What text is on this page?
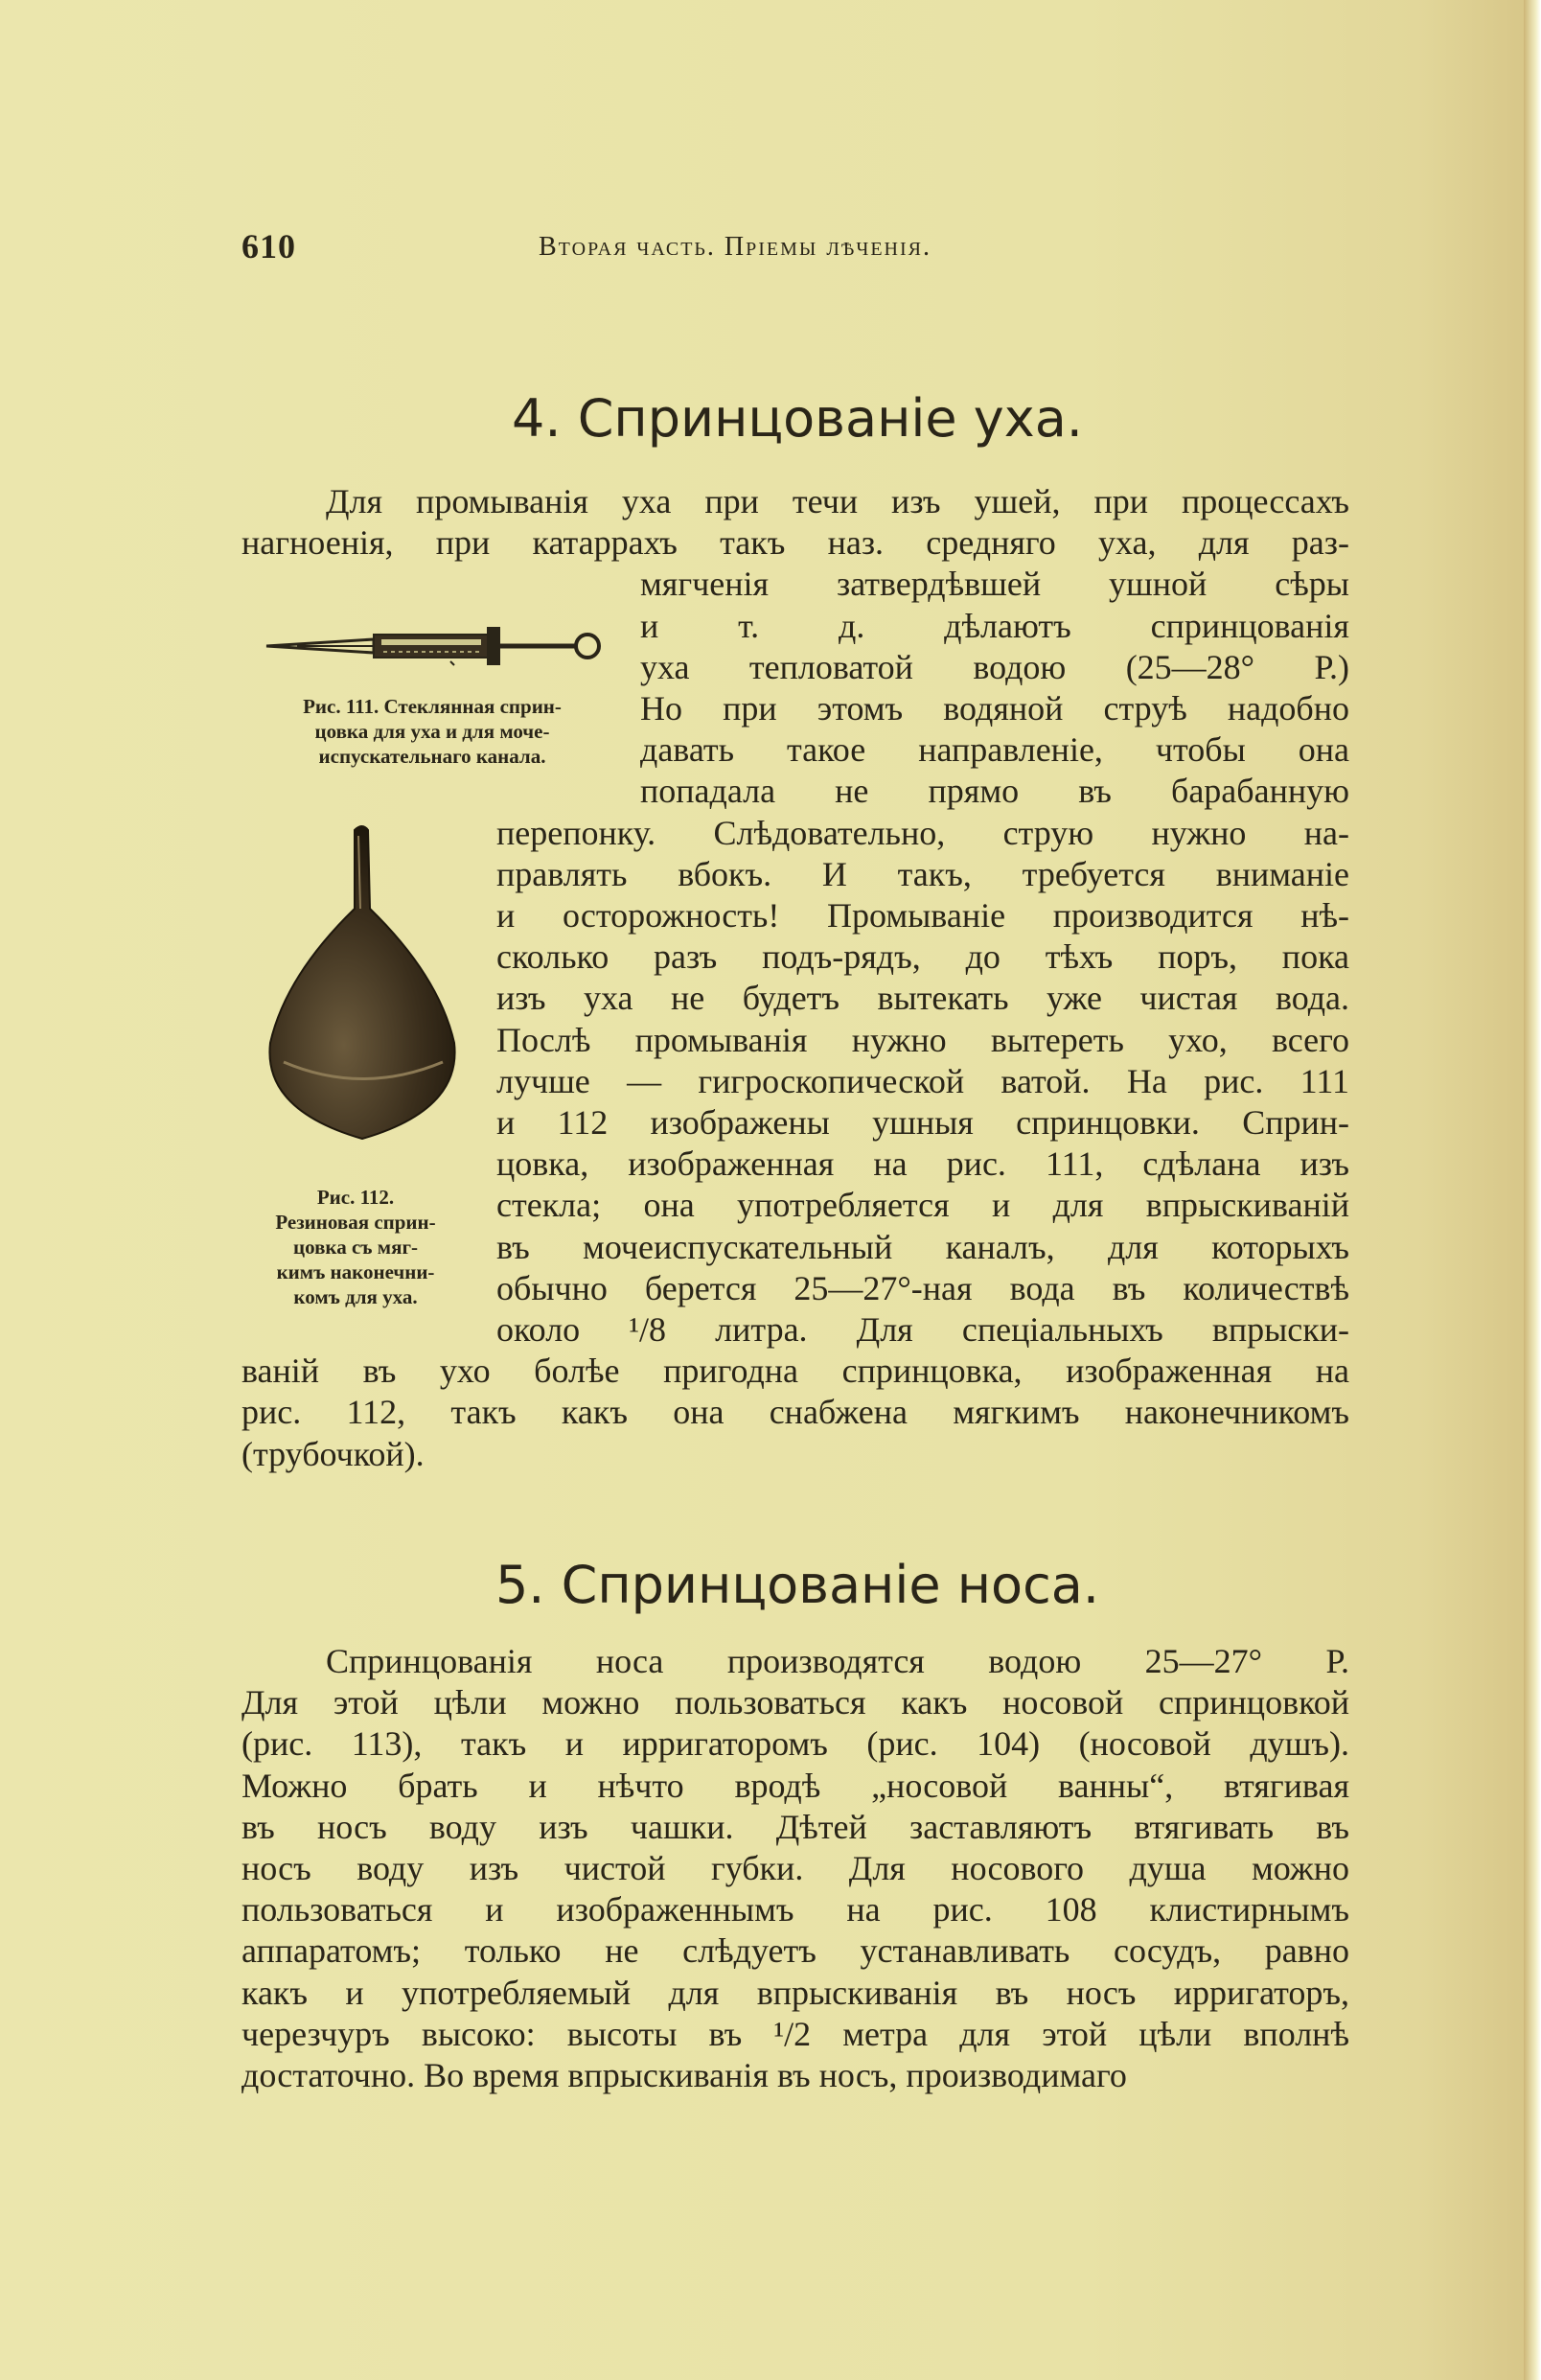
610	Вторая часть. Пріемы лѣченія.
4. Спринцованіе уха.
Для промыванія уха при течи изъ ушей, при процессахъ
нагноенія, при катаррахъ такъ наз. средняго уха, для раз-
мягченія затвердѣвшей ушной сѣры
и т. д. дѣлаютъ спринцованія
уха тепловатой водою (25—28° Р.)
Но при этомъ водяной струѣ надобно
давать такое направленіе, чтобы она
попадала не прямо въ барабанную
перепонку. Слѣдовательно, струю нужно на-
правлять вбокъ. И такъ, требуется вниманіе
и осторожность! Промываніе производится нѣ-
сколько разъ подъ-рядъ, до тѣхъ поръ, пока
изъ уха не будетъ вытекать уже чистая вода.
Послѣ промыванія нужно вытереть ухо, всего
лучше — гигроскопической ватой. На рис. 111
и 112 изображены ушныя спринцовки. Сприн-
цовка, изображенная на рис. 111, сдѣлана изъ
стекла; она употребляется и для впрыскиваній
въ мочеиспускательный каналъ, для которыхъ
обычно берется 25—27°-ная вода въ количествѣ
около ¹/8 литра. Для спеціальныхъ впрыски-
ваній въ ухо болѣе пригодна спринцовка, изображенная на
рис. 112, такъ какъ она снабжена мягкимъ наконечникомъ
(трубочкой).
Рис. 111. Стеклянная сприн-
цовка для уха и для моче-
испускательнаго канала.
Рис. 112.
Резиновая сприн-
цовка съ мяг-
кимъ наконечни-
комъ для уха.
5. Спринцованіе носа.
Спринцованія носа производятся водою 25—27° Р.
Для этой цѣли можно пользоваться какъ носовой спринцовкой
(рис. 113), такъ и ирригаторомъ (рис. 104) (носовой душъ).
Можно брать и нѣчто вродѣ „носовой ванны“, втягивая
въ носъ воду изъ чашки. Дѣтей заставляютъ втягивать въ
носъ воду изъ чистой губки. Для носового душа можно
пользоваться и изображеннымъ на рис. 108 клистирнымъ
аппаратомъ; только не слѣдуетъ устанавливать сосудъ, равно
какъ и употребляемый для впрыскиванія въ носъ ирригаторъ,
черезчуръ высоко: высоты въ ¹/2 метра для этой цѣли вполнѣ
достаточно. Во время впрыскиванія въ носъ, производимаго
